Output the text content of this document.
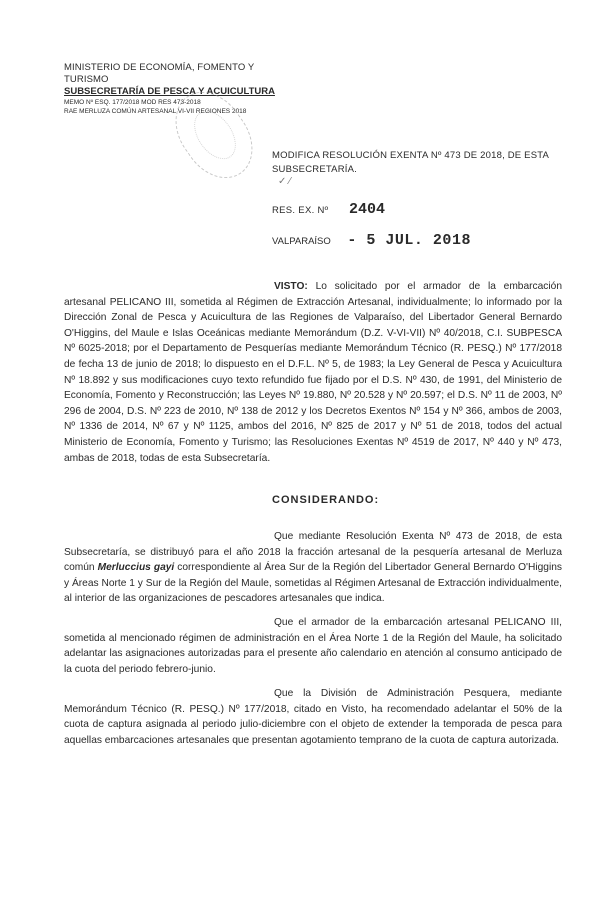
MINISTERIO DE ECONOMÍA, FOMENTO Y TURISMO
SUBSECRETARÍA DE PESCA Y ACUICULTURA
MEMO Nº ESQ. 177/2018 MOD RES 473-2018
RAE MERLUZA COMÚN ARTESANAL VI-VII REGIONES 2018
MODIFICA RESOLUCIÓN EXENTA Nº 473 DE 2018, DE ESTA SUBSECRETARÍA.
✓ ⁄
RES. EX. Nº 2404
VALPARAÍSO - 5 JUL. 2018

VISTO: Lo solicitado por el armador de la embarcación artesanal PELICANO III, sometida al Régimen de Extracción Artesanal, individualmente; lo informado por la Dirección Zonal de Pesca y Acuicultura de las Regiones de Valparaíso, del Libertador General Bernardo O'Higgins, del Maule e Islas Oceánicas mediante Memorándum (D.Z. V-VI-VII) Nº 40/2018, C.I. SUBPESCA Nº 6025-2018; por el Departamento de Pesquerías mediante Memorándum Técnico (R. PESQ.) Nº 177/2018 de fecha 13 de junio de 2018; lo dispuesto en el D.F.L. Nº 5, de 1983; la Ley General de Pesca y Acuicultura Nº 18.892 y sus modificaciones cuyo texto refundido fue fijado por el D.S. Nº 430, de 1991, del Ministerio de Economía, Fomento y Reconstrucción; las Leyes Nº 19.880, Nº 20.528 y Nº 20.597; el D.S. Nº 11 de 2003, Nº 296 de 2004, D.S. Nº 223 de 2010, Nº 138 de 2012 y los Decretos Exentos Nº 154 y Nº 366, ambos de 2003, Nº 1336 de 2014, Nº 67 y Nº 1125, ambos del 2016, Nº 825 de 2017 y Nº 51 de 2018, todos del actual Ministerio de Economía, Fomento y Turismo; las Resoluciones Exentas Nº 4519 de 2017, Nº 440 y Nº 473, ambas de 2018, todas de esta Subsecretaría.

CONSIDERANDO:

Que mediante Resolución Exenta Nº 473 de 2018, de esta Subsecretaría, se distribuyó para el año 2018 la fracción artesanal de la pesquería artesanal de Merluza común Merluccius gayi correspondiente al Área Sur de la Región del Libertador General Bernardo O'Higgins y Áreas Norte 1 y Sur de la Región del Maule, sometidas al Régimen Artesanal de Extracción individualmente, al interior de las organizaciones de pescadores artesanales que indica.

Que el armador de la embarcación artesanal PELICANO III, sometida al mencionado régimen de administración en el Área Norte 1 de la Región del Maule, ha solicitado adelantar las asignaciones autorizadas para el presente año calendario en atención al consumo anticipado de la cuota del periodo febrero-junio.

Que la División de Administración Pesquera, mediante Memorándum Técnico (R. PESQ.) Nº 177/2018, citado en Visto, ha recomendado adelantar el 50% de la cuota de captura asignada al periodo julio-diciembre con el objeto de extender la temporada de pesca para aquellas embarcaciones artesanales que presentan agotamiento temprano de la cuota de captura autorizada.
